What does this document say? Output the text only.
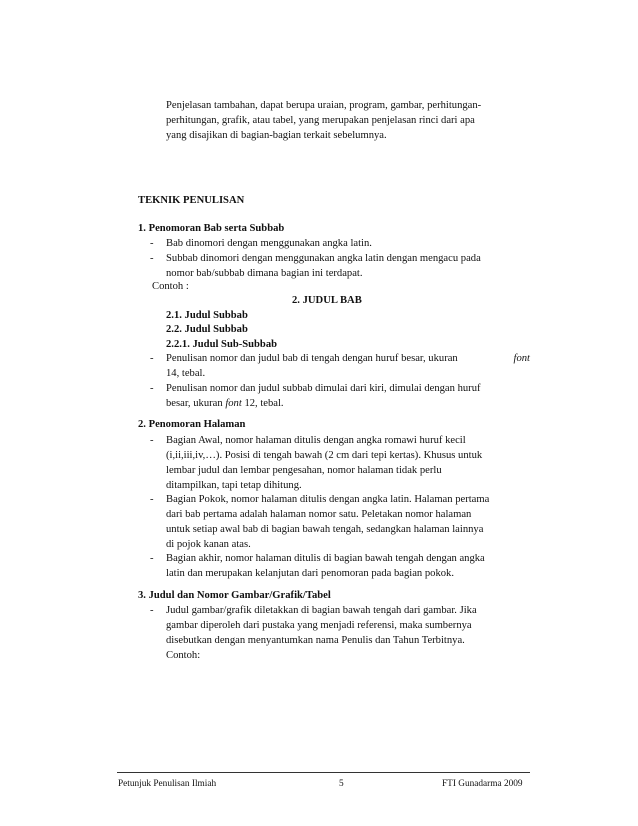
Penjelasan tambahan, dapat berupa uraian, program, gambar, perhitungan-
perhitungan, grafik, atau tabel, yang merupakan penjelasan rinci dari apa
yang disajikan di bagian-bagian terkait sebelumnya.
TEKNIK PENULISAN
1. Penomoran Bab serta Subbab
- Bab dinomori dengan menggunakan angka latin.
- Subbab dinomori dengan menggunakan angka latin dengan mengacu pada
nomor bab/subbab dimana bagian ini terdapat.
Contoh :
2. JUDUL BAB
2.1. Judul Subbab
2.2. Judul Subbab
2.2.1. Judul Sub-Subbab
- Penulisan nomor dan judul bab di tengah dengan huruf besar, ukuran	font
14, tebal.
- Penulisan nomor dan judul subbab dimulai dari kiri, dimulai dengan huruf
besar, ukuran font 12, tebal.
2. Penomoran Halaman
- Bagian Awal, nomor halaman ditulis dengan angka romawi huruf kecil
(i,ii,iii,iv,…). Posisi di tengah bawah (2 cm dari tepi kertas). Khusus untuk
lembar judul dan lembar pengesahan, nomor halaman tidak perlu
ditampilkan, tapi tetap dihitung.
- Bagian Pokok, nomor halaman ditulis dengan angka latin. Halaman pertama
dari bab pertama adalah halaman nomor satu. Peletakan nomor halaman
untuk setiap awal bab di bagian bawah tengah, sedangkan halaman lainnya
di pojok kanan atas.
- Bagian akhir, nomor halaman ditulis di bagian bawah tengah dengan angka
latin dan merupakan kelanjutan dari penomoran pada bagian pokok.
3. Judul dan Nomor Gambar/Grafik/Tabel
- Judul gambar/grafik diletakkan di bagian bawah tengah dari gambar. Jika
gambar diperoleh dari pustaka yang menjadi referensi, maka sumbernya
disebutkan dengan menyantumkan nama Penulis dan Tahun Terbitnya.
Contoh:
Petunjuk Penulisan Ilmiah	5	FTI Gunadarma 2009
